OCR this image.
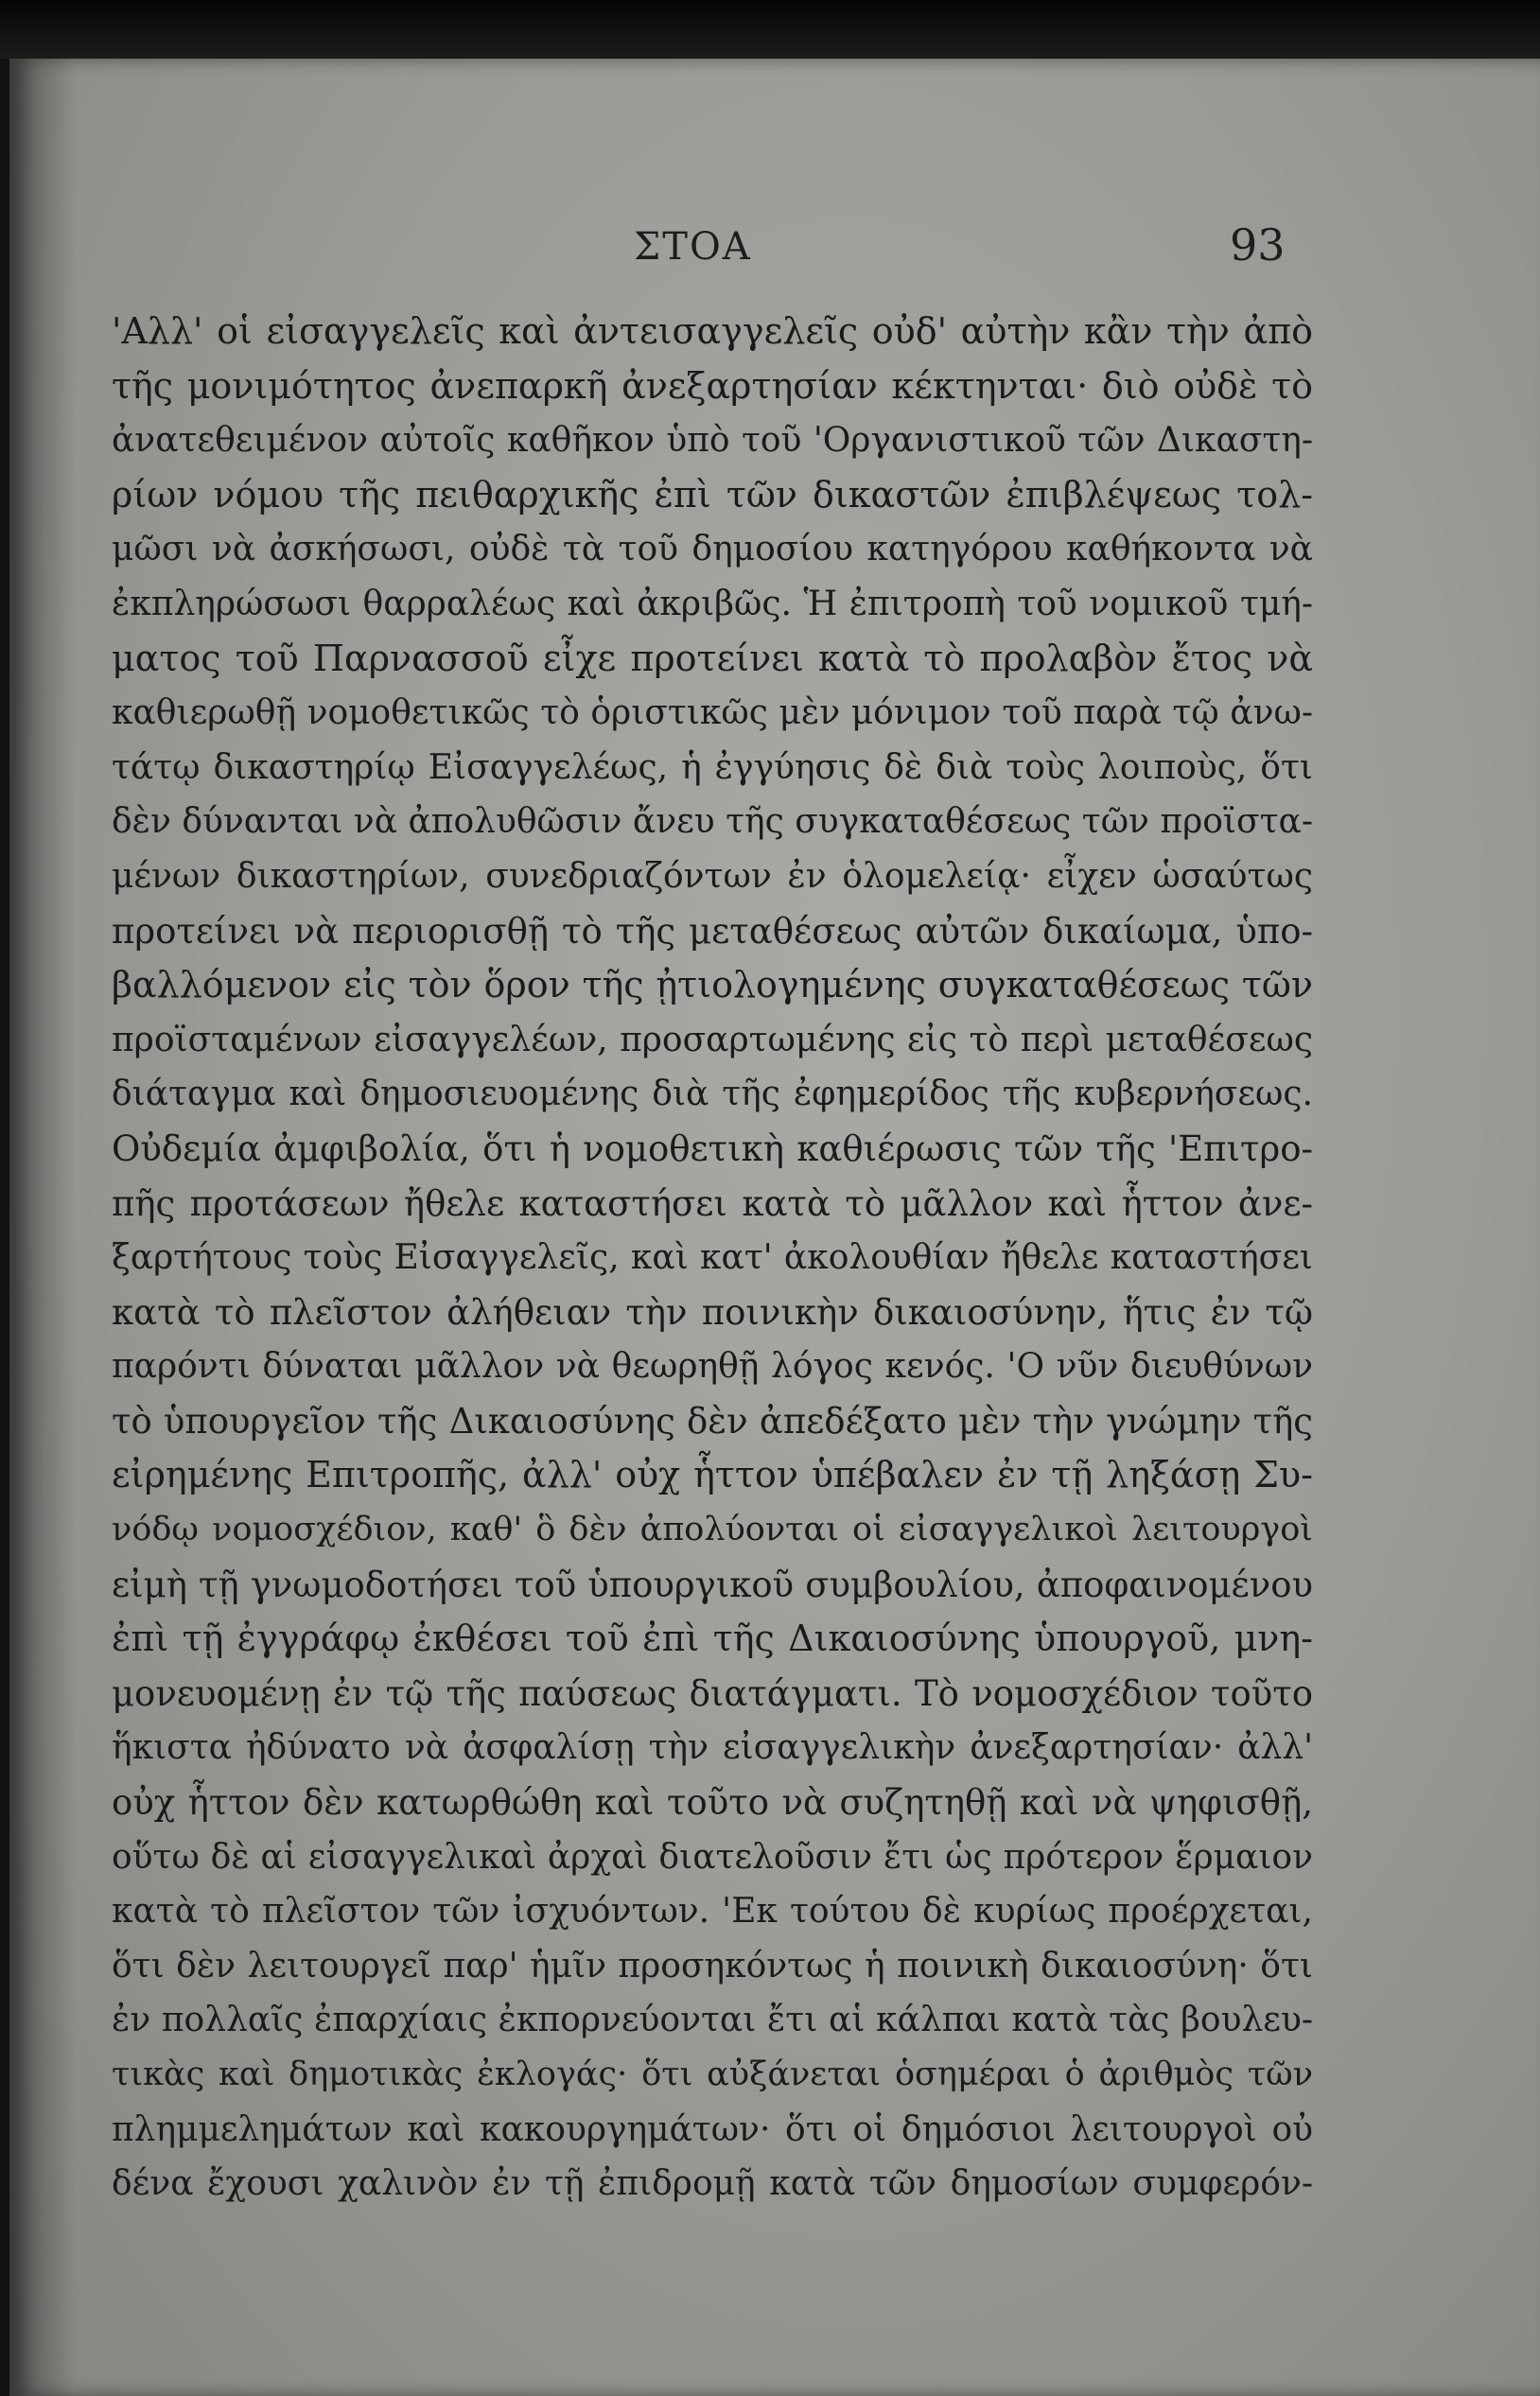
ΣΤΟΑ	93
'Αλλ' οἱ εἰσαγγελεῖς καὶ ἀντεισαγγελεῖς οὐδ' αὐτὴν κἂν τὴν ἀπὸ
τῆς μονιμότητος ἀνεπαρκῆ ἀνεξαρτησίαν κέκτηνται· διὸ οὐδὲ τὸ
ἀνατεθειμένον αὐτοῖς καθῆκον ὑπὸ τοῦ 'Οργανιστικοῦ τῶν Δικαστη-
ρίων νόμου τῆς πειθαρχικῆς ἐπὶ τῶν δικαστῶν ἐπιβλέψεως τολ-
μῶσι νὰ ἀσκήσωσι, οὐδὲ τὰ τοῦ δημοσίου κατηγόρου καθήκοντα νὰ
ἐκπληρώσωσι θαρραλέως καὶ ἀκριβῶς. Ἡ ἐπιτροπὴ τοῦ νομικοῦ τμή-
ματος τοῦ Παρνασσοῦ εἶχε προτείνει κατὰ τὸ προλαβὸν ἔτος νὰ
καθιερωθῇ νομοθετικῶς τὸ ὁριστικῶς μὲν μόνιμον τοῦ παρὰ τῷ ἀνω-
τάτῳ δικαστηρίῳ Εἰσαγγελέως, ἡ ἐγγύησις δὲ διὰ τοὺς λοιποὺς, ὅτι
δὲν δύνανται νὰ ἀπολυθῶσιν ἄνευ τῆς συγκαταθέσεως τῶν προϊστα-
μένων δικαστηρίων, συνεδριαζόντων ἐν ὁλομελείᾳ· εἶχεν ὡσαύτως
προτείνει νὰ περιορισθῇ τὸ τῆς μεταθέσεως αὐτῶν δικαίωμα, ὑπο-
βαλλόμενον εἰς τὸν ὅρον τῆς ᾐτιολογημένης συγκαταθέσεως τῶν
προϊσταμένων εἰσαγγελέων, προσαρτωμένης εἰς τὸ περὶ μεταθέσεως
διάταγμα καὶ δημοσιευομένης διὰ τῆς ἐφημερίδος τῆς κυβερνήσεως.
Οὐδεμία ἀμφιβολία, ὅτι ἡ νομοθετικὴ καθιέρωσις τῶν τῆς 'Επιτρο-
πῆς προτάσεων ἤθελε καταστήσει κατὰ τὸ μᾶλλον καὶ ἧττον ἀνε-
ξαρτήτους τοὺς Εἰσαγγελεῖς, καὶ κατ' ἀκολουθίαν ἤθελε καταστήσει
κατὰ τὸ πλεῖστον ἀλήθειαν τὴν ποινικὴν δικαιοσύνην, ἥτις ἐν τῷ
παρόντι δύναται μᾶλλον νὰ θεωρηθῇ λόγος κενός. 'Ο νῦν διευθύνων
τὸ ὑπουργεῖον τῆς Δικαιοσύνης δὲν ἀπεδέξατο μὲν τὴν γνώμην τῆς
εἰρημένης Επιτροπῆς, ἀλλ' οὐχ ἧττον ὑπέβαλεν ἐν τῇ ληξάσῃ Συ-
νόδῳ νομοσχέδιον, καθ' ὃ δὲν ἀπολύονται οἱ εἰσαγγελικοὶ λειτουργοὶ
εἰμὴ τῇ γνωμοδοτήσει τοῦ ὑπουργικοῦ συμβουλίου, ἀποφαινομένου
ἐπὶ τῇ ἐγγράφῳ ἐκθέσει τοῦ ἐπὶ τῆς Δικαιοσύνης ὑπουργοῦ, μνη-
μονευομένῃ ἐν τῷ τῆς παύσεως διατάγματι. Τὸ νομοσχέδιον τοῦτο
ἥκιστα ἠδύνατο νὰ ἀσφαλίσῃ τὴν εἰσαγγελικὴν ἀνεξαρτησίαν· ἀλλ'
οὐχ ἧττον δὲν κατωρθώθη καὶ τοῦτο νὰ συζητηθῇ καὶ νὰ ψηφισθῇ,
οὕτω δὲ αἱ εἰσαγγελικαὶ ἀρχαὶ διατελοῦσιν ἔτι ὡς πρότερον ἕρμαιον
κατὰ τὸ πλεῖστον τῶν ἰσχυόντων. 'Εκ τούτου δὲ κυρίως προέρχεται,
ὅτι δὲν λειτουργεῖ παρ' ἡμῖν προσηκόντως ἡ ποινικὴ δικαιοσύνη· ὅτι
ἐν πολλαῖς ἐπαρχίαις ἐκπορνεύονται ἔτι αἱ κάλπαι κατὰ τὰς βουλευ-
τικὰς καὶ δημοτικὰς ἐκλογάς· ὅτι αὐξάνεται ὁσημέραι ὁ ἀριθμὸς τῶν
πλημμελημάτων καὶ κακουργημάτων· ὅτι οἱ δημόσιοι λειτουργοὶ οὐ
δένα ἔχουσι χαλινὸν ἐν τῇ ἐπιδρομῇ κατὰ τῶν δημοσίων συμφερόν-
